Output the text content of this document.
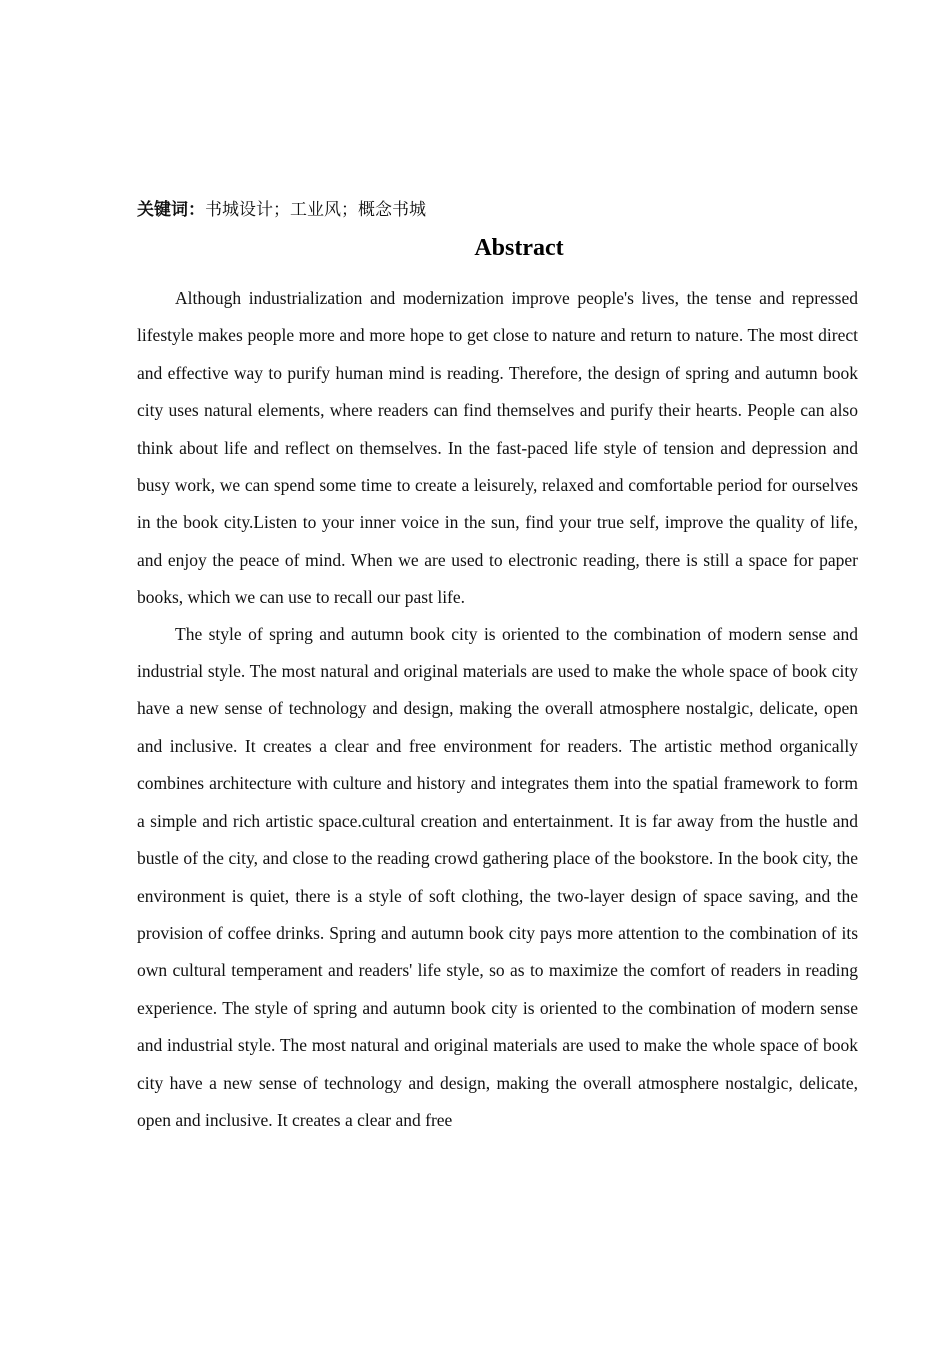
关键词：书城设计；工业风；概念书城
Abstract

Although industrialization and modernization improve people's lives, the tense and repressed lifestyle makes people more and more hope to get close to nature and return to nature. The most direct and effective way to purify human mind is reading. Therefore, the design of spring and autumn book city uses natural elements, where readers can find themselves and purify their hearts. People can also think about life and reflect on themselves. In the fast-paced life style of tension and depression and busy work, we can spend some time to create a leisurely, relaxed and comfortable period for ourselves in the book city.Listen to your inner voice in the sun, find your true self, improve the quality of life, and enjoy the peace of mind. When we are used to electronic reading, there is still a space for paper books, which we can use to recall our past life.

The style of spring and autumn book city is oriented to the combination of modern sense and industrial style. The most natural and original materials are used to make the whole space of book city have a new sense of technology and design, making the overall atmosphere nostalgic, delicate, open and inclusive. It creates a clear and free environment for readers. The artistic method organically combines architecture with culture and history and integrates them into the spatial framework to form a simple and rich artistic space.cultural creation and entertainment. It is far away from the hustle and bustle of the city, and close to the reading crowd gathering place of the bookstore. In the book city, the environment is quiet, there is a style of soft clothing, the two-layer design of space saving, and the provision of coffee drinks. Spring and autumn book city pays more attention to the combination of its own cultural temperament and readers' life style, so as to maximize the comfort of readers in reading experience. The style of spring and autumn book city is oriented to the combination of modern sense and industrial style. The most natural and original materials are used to make the whole space of book city have a new sense of technology and design, making the overall atmosphere nostalgic, delicate, open and inclusive. It creates a clear and free
